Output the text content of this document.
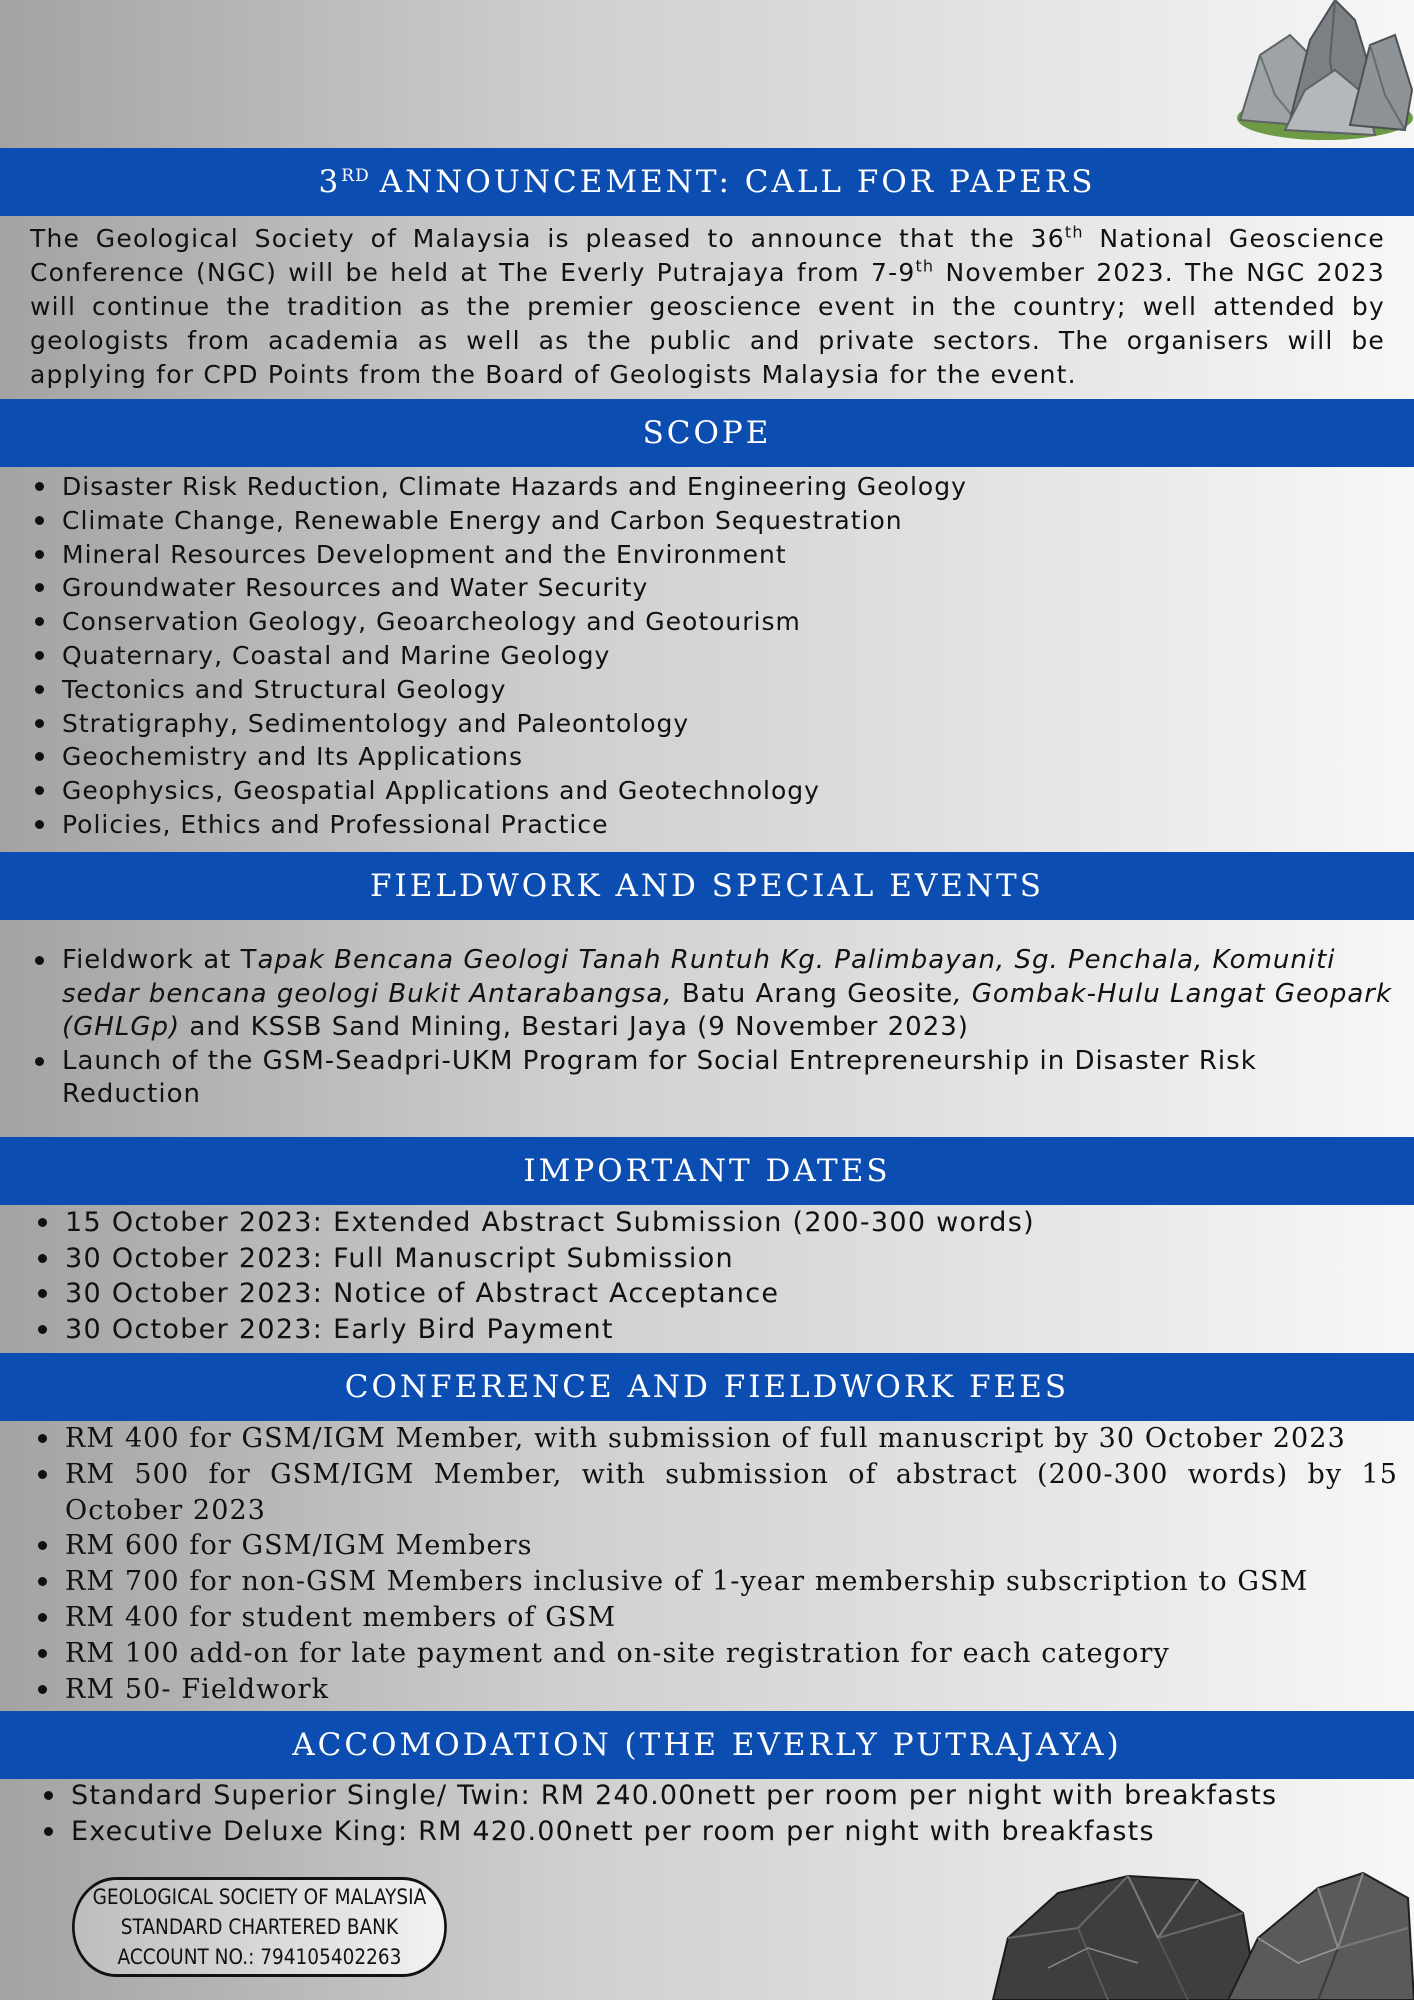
3RD ANNOUNCEMENT: CALL FOR PAPERS

The Geological Society of Malaysia is pleased to announce that the 36th National Geoscience Conference (NGC) will be held at The Everly Putrajaya from 7-9th November 2023. The NGC 2023 will continue the tradition as the premier geoscience event in the country; well attended by geologists from academia as well as the public and private sectors. The organisers will be applying for CPD Points from the Board of Geologists Malaysia for the event.

SCOPE
Disaster Risk Reduction, Climate Hazards and Engineering Geology
Climate Change, Renewable Energy and Carbon Sequestration
Mineral Resources Development and the Environment
Groundwater Resources and Water Security
Conservation Geology, Geoarcheology and Geotourism
Quaternary, Coastal and Marine Geology
Tectonics and Structural Geology
Stratigraphy, Sedimentology and Paleontology
Geochemistry and Its Applications
Geophysics, Geospatial Applications and Geotechnology
Policies, Ethics and Professional Practice
FIELDWORK AND SPECIAL EVENTS
Fieldwork at Tapak Bencana Geologi Tanah Runtuh Kg. Palimbayan, Sg. Penchala, Komuniti sedar bencana geologi Bukit Antarabangsa, Batu Arang Geosite, Gombak-Hulu Langat Geopark (GHLGp) and KSSB Sand Mining, Bestari Jaya (9 November 2023)
Launch of the GSM-Seadpri-UKM Program for Social Entrepreneurship in Disaster Risk Reduction
IMPORTANT DATES
15 October 2023: Extended Abstract Submission (200-300 words)
30 October 2023: Full Manuscript Submission
30 October 2023: Notice of Abstract Acceptance
30 October 2023: Early Bird Payment
CONFERENCE AND FIELDWORK FEES
RM 400 for GSM/IGM Member, with submission of full manuscript by 30 October 2023
RM 500 for GSM/IGM Member, with submission of abstract (200-300 words) by 15 October 2023
RM 600 for GSM/IGM Members
RM 700 for non-GSM Members inclusive of 1-year membership subscription to GSM
RM 400 for student members of GSM
RM 100 add-on for late payment and on-site registration for each category
RM 50- Fieldwork
ACCOMODATION (THE EVERLY PUTRAJAYA)
Standard Superior Single/ Twin: RM 240.00nett per room per night with breakfasts
Executive Deluxe King: RM 420.00nett per room per night with breakfasts
GEOLOGICAL SOCIETY OF MALAYSIA
STANDARD CHARTERED BANK
ACCOUNT NO.: 794105402263
